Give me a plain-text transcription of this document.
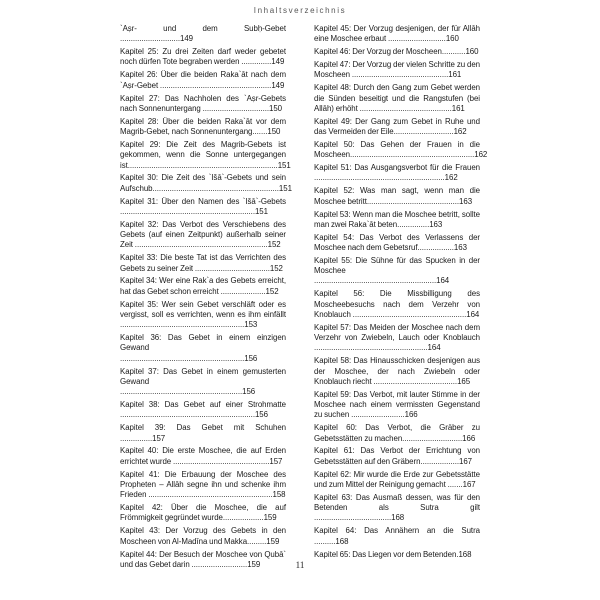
Inhaltsverzeichnis
`Aṣr- und dem Subḥ-Gebet ............................149
Kapitel 25: Zu drei Zeiten darf weder gebetet noch dürfen Tote begraben werden ..............149
Kapitel 26: Über die beiden Raka`āt nach dem `Aṣr-Gebet ....................................................149
Kapitel 27: Das Nachholen des `Aṣr-Gebets nach Sonnenuntergang ...............................150
Kapitel 28: Über die beiden Raka`āt vor dem Magrib-Gebet, nach Sonnenuntergang.......150
Kapitel 29: Die Zeit des Magrib-Gebets ist gekommen, wenn die Sonne untergegangen ist......................................................................151
Kapitel 30: Die Zeit des `Išā`-Gebets und sein Aufschub...........................................................151
Kapitel 31: Über den Namen des `Išā`-Gebets ...............................................................151
Kapitel 32: Das Verbot des Verschiebens des Gebets (auf einen Zeitpunkt) außerhalb seiner Zeit ..............................................................152
Kapitel 33: Die beste Tat ist das Verrichten des Gebets zu seiner Zeit ...................................152
Kapitel 34: Wer eine Rak`a des Gebets erreicht, hat das Gebet schon erreicht .....................152
Kapitel 35: Wer sein Gebet verschläft oder es vergisst, soll es verrichten, wenn es ihm einfällt ..........................................................153
Kapitel 36: Das Gebet in einem einzigen Gewand ..........................................................156
Kapitel 37: Das Gebet in einem gemusterten Gewand .........................................................156
Kapitel 38: Das Gebet auf einer Strohmatte ...............................................................156
Kapitel 39: Das Gebet mit Schuhen ...............157
Kapitel 40: Die erste Moschee, die auf Erden errichtet wurde .............................................157
Kapitel 41: Die Erbauung der Moschee des Propheten – Allāh segne ihn und schenke ihm Frieden ..........................................................158
Kapitel 42: Über die Moschee, die auf Frömmigkeit gegründet wurde...................159
Kapitel 43: Der Vorzug des Gebets in den Moscheen von Al-Madīna und Makka.........159
Kapitel 44: Der Besuch der Moschee von Qubā` und das Gebet darin ..........................159
Kapitel 45: Der Vorzug desjenigen, der für Allāh eine Moschee erbaut ...........................160
Kapitel 46: Der Vorzug der Moscheen...........160
Kapitel 47: Der Vorzug der vielen Schritte zu den Moscheen .............................................161
Kapitel 48: Durch den Gang zum Gebet werden die Sünden beseitigt und die Rangstufen (bei Allāh) erhöht ...........................................161
Kapitel 49: Der Gang zum Gebet in Ruhe und das Vermeiden der Eile............................162
Kapitel 50: Das Gehen der Frauen in die Moscheen..........................................................162
Kapitel 51: Das Ausgangsverbot für die Frauen .............................................................162
Kapitel 52: Was man sagt, wenn man die Moschee betritt...........................................163
Kapitel 53: Wenn man die Moschee betritt, sollte man zwei Raka`āt beten...............163
Kapitel 54: Das Verbot des Verlassens der Moschee nach dem Gebetsruf.................163
Kapitel 55: Die Sühne für das Spucken in der Moschee .........................................................164
Kapitel 56: Die Missbilligung des Moscheebesuchs nach dem Verzehr von Knoblauch .....................................................164
Kapitel 57: Das Meiden der Moschee nach dem Verzehr von Zwiebeln, Lauch oder Knoblauch .....................................................164
Kapitel 58: Das Hinausschicken desjenigen aus der Moschee, der nach Zwiebeln oder Knoblauch riecht .......................................165
Kapitel 59: Das Verbot, mit lauter Stimme in der Moschee nach einem vermissten Gegenstand zu suchen .........................166
Kapitel 60: Das Verbot, die Gräber zu Gebetsstätten zu machen............................166
Kapitel 61: Das Verbot der Errichtung von Gebetsstätten auf den Gräbern..................167
Kapitel 62: Mir wurde die Erde zur Gebetsstätte und zum Mittel der Reinigung gemacht .......167
Kapitel 63: Das Ausmaß dessen, was für den Betenden als Sutra gilt ....................................168
Kapitel 64: Das Annähern an die Sutra ..........168
Kapitel 65: Das Liegen vor dem Betenden.168
11
